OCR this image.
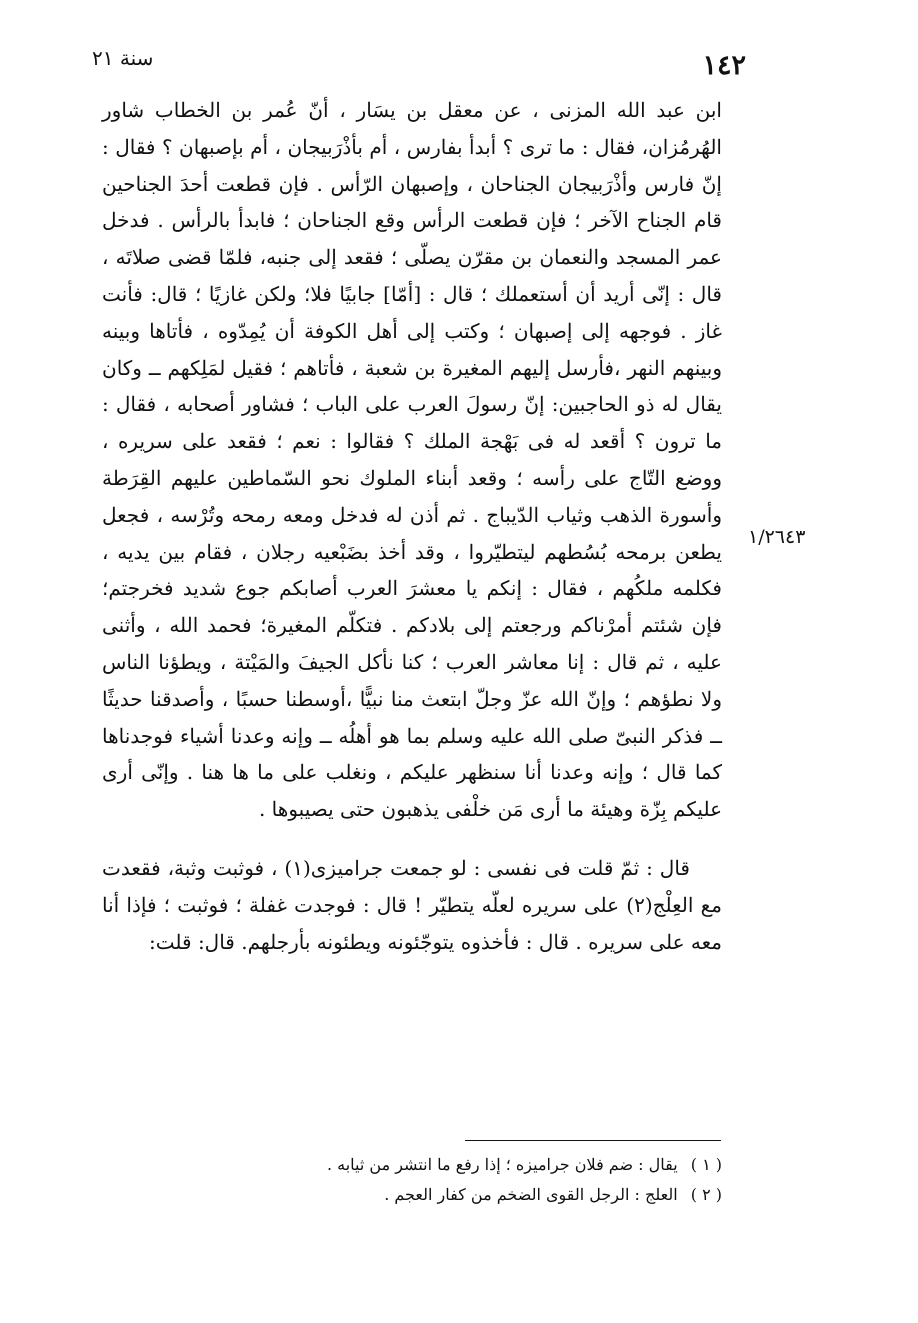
١٤٢
سنة ٢١

ابن عبد الله المزنى ، عن معقل بن يسَار ، أنّ عُمر بن الخطاب شاور الهُرمُزان، فقال : ما ترى ؟ أبدأ بفارس ، أم بأذْرَبيجان ، أم بإصبهان ؟ فقال : إنّ فارس وأذْرَبيجان الجناحان ، وإصبهان الرّأس . فإن قطعت أحدَ الجناحين قام الجناح الآخر ؛ فإن قطعت الرأس وقع الجناحان ؛ فابدأ بالرأس . فدخل عمر المسجد والنعمان بن مقرّن يصلّى ؛ فقعد إلى جنبه، فلمّا قضى صلاتَه ، قال : إنّى أريد أن أستعملك ؛ قال : [أمّا] جابيًا فلا؛ ولكن غازيًا ؛ قال: فأنت غاز . فوجهه إلى إصبهان ؛ وكتب إلى أهل الكوفة أن يُمِدّوه ، فأتاها وبينه وبينهم النهر ،فأرسل إليهم المغيرة بن شعبة ، فأتاهم ؛ فقيل لمَلِكهم ــ وكان يقال له ذو الحاجبين: إنّ رسولَ العرب على الباب ؛ فشاور أصحابه ، فقال : ما ترون ؟ أقعد له فى بَهْجة الملك ؟ فقالوا : نعم ؛ فقعد على سريره ، ووضع التّاج على رأسه ؛ وقعد أبناء الملوك نحو السّماطين عليهم القِرَطة وأسورة الذهب وثياب الدّيباج . ثم أذن له فدخل ومعه رمحه وتُرْسه ، فجعل يطعن برمحه بُسُطهم ليتطيّروا ، وقد أخذ بضَبْعيه رجلان ، فقام بين يديه ، فكلمه ملكُهم ، فقال : إنكم يا معشرَ العرب أصابكم جوع شديد فخرجتم؛ فإن شئتم أمرْناكم ورجعتم إلى بلادكم . فتكلّم المغيرة؛ فحمد الله ، وأثنى عليه ، ثم قال : إنا معاشر العرب ؛ كنا نأكل الجيفَ والمَيْتة ، ويطؤنا الناس ولا نطؤهم ؛ وإنّ الله عزّ وجلّ ابتعث منا نبيًّا ،أوسطنا حسبًا ، وأصدقنا حديثًا ــ فذكر النبىّ صلى الله عليه وسلم بما هو أهلُه ــ وإنه وعدنا أشياء فوجدناها كما قال ؛ وإنه وعدنا أنا سنظهر عليكم ، ونغلب على ما ها هنا . وإنّى أرى عليكم بِزّة وهيئة ما أرى مَن خلْفى يذهبون حتى يصيبوها .

قال : ثمّ قلت فى نفسى : لو جمعت جراميزى(١) ، فوثبت وثبة، فقعدت مع العِلْج(٢) على سريره لعلّه يتطيّر ! قال : فوجدت غفلة ؛ فوثبت ؛ فإذا أنا معه على سريره . قال : فأخذوه يتوجّئونه ويطئونه بأرجلهم. قال: قلت:

١/٢٦٤٣

( ١ ) يقال : ضم فلان جراميزه ؛ إذا رفع ما انتشر من ثيابه .

( ٢ ) العلج : الرجل القوى الضخم من كفار العجم .
